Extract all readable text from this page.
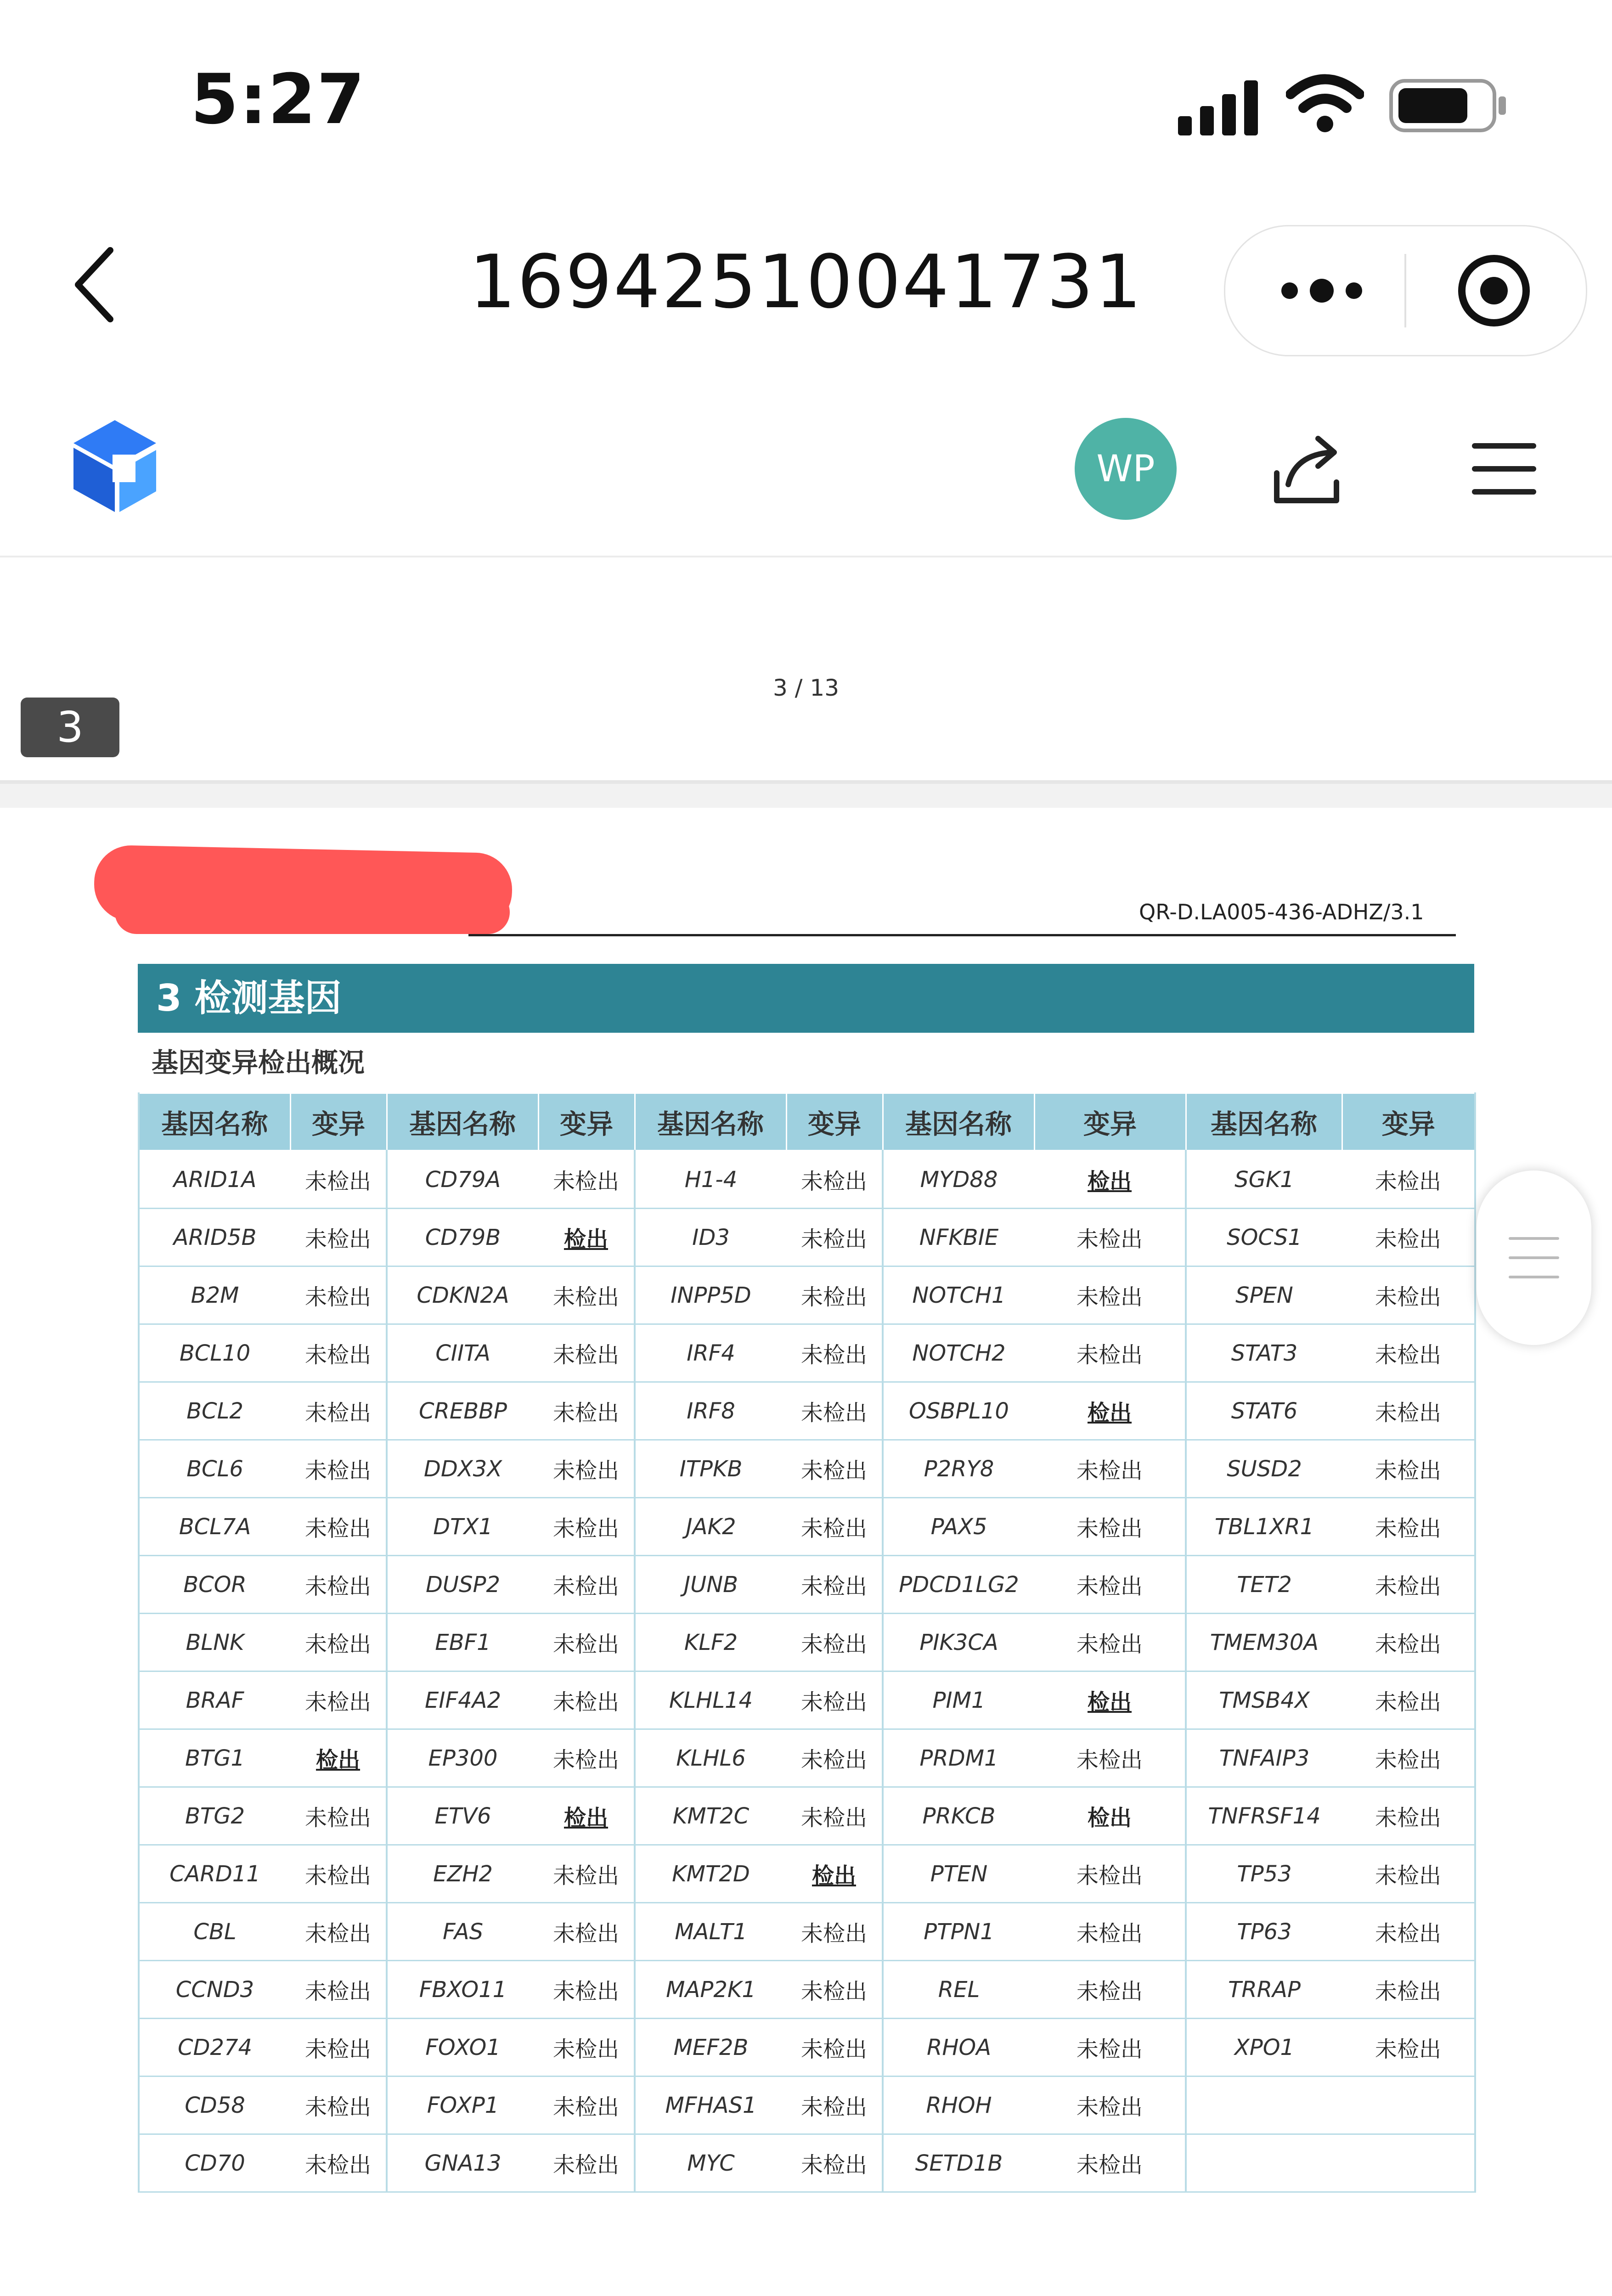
5:27
16942510041731
WP
3 / 13
3
QR-D.LA005-436-ADHZ/3.1
3 检测基因
基因变异检出概况
基因名称	变异	基因名称	变异	基因名称	变异	基因名称	变异	基因名称	变异
ARID1A	未检出	CD79A	未检出	H1-4	未检出	MYD88	检出	SGK1	未检出
ARID5B	未检出	CD79B	检出	ID3	未检出	NFKBIE	未检出	SOCS1	未检出
B2M	未检出	CDKN2A	未检出	INPP5D	未检出	NOTCH1	未检出	SPEN	未检出
BCL10	未检出	CIITA	未检出	IRF4	未检出	NOTCH2	未检出	STAT3	未检出
BCL2	未检出	CREBBP	未检出	IRF8	未检出	OSBPL10	检出	STAT6	未检出
BCL6	未检出	DDX3X	未检出	ITPKB	未检出	P2RY8	未检出	SUSD2	未检出
BCL7A	未检出	DTX1	未检出	JAK2	未检出	PAX5	未检出	TBL1XR1	未检出
BCOR	未检出	DUSP2	未检出	JUNB	未检出	PDCD1LG2	未检出	TET2	未检出
BLNK	未检出	EBF1	未检出	KLF2	未检出	PIK3CA	未检出	TMEM30A	未检出
BRAF	未检出	EIF4A2	未检出	KLHL14	未检出	PIM1	检出	TMSB4X	未检出
BTG1	检出	EP300	未检出	KLHL6	未检出	PRDM1	未检出	TNFAIP3	未检出
BTG2	未检出	ETV6	检出	KMT2C	未检出	PRKCB	检出	TNFRSF14	未检出
CARD11	未检出	EZH2	未检出	KMT2D	检出	PTEN	未检出	TP53	未检出
CBL	未检出	FAS	未检出	MALT1	未检出	PTPN1	未检出	TP63	未检出
CCND3	未检出	FBXO11	未检出	MAP2K1	未检出	REL	未检出	TRRAP	未检出
CD274	未检出	FOXO1	未检出	MEF2B	未检出	RHOA	未检出	XPO1	未检出
CD58	未检出	FOXP1	未检出	MFHAS1	未检出	RHOH	未检出		
CD70	未检出	GNA13	未检出	MYC	未检出	SETD1B	未检出		
